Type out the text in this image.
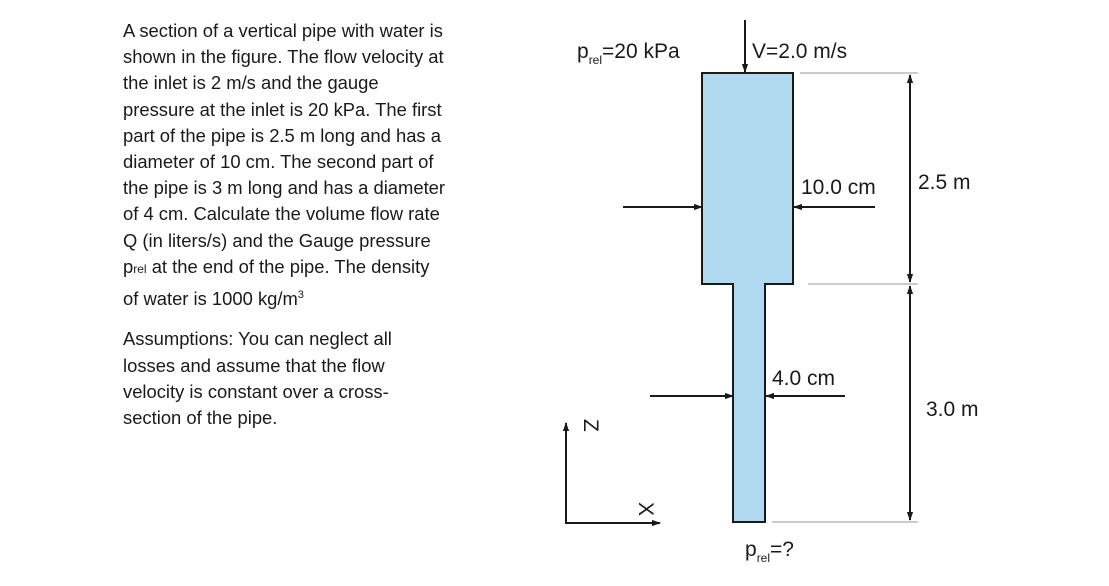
A section of a vertical pipe with water is

shown in the figure. The flow velocity at

the inlet is 2 m/s and the gauge

pressure at the inlet is 20 kPa. The first

part of the pipe is 2.5 m long and has a

diameter of 10 cm. The second part of

the pipe is 3 m long and has a diameter

of 4 cm. Calculate the volume flow rate

Q (in liters/s) and the Gauge pressure

prel at the end of the pipe. The density

of water is 1000 $kg/m^3$

Assumptions: You can neglect all

losses and assume that the flow

velocity is constant over a cross-

section of the pipe.

$p_{rel}=20$ kPa	V=2.0 m/s
10.0 cm
4.0 cm
2.5 m
3.0 m
Z
X
$p_{rel}=$?
